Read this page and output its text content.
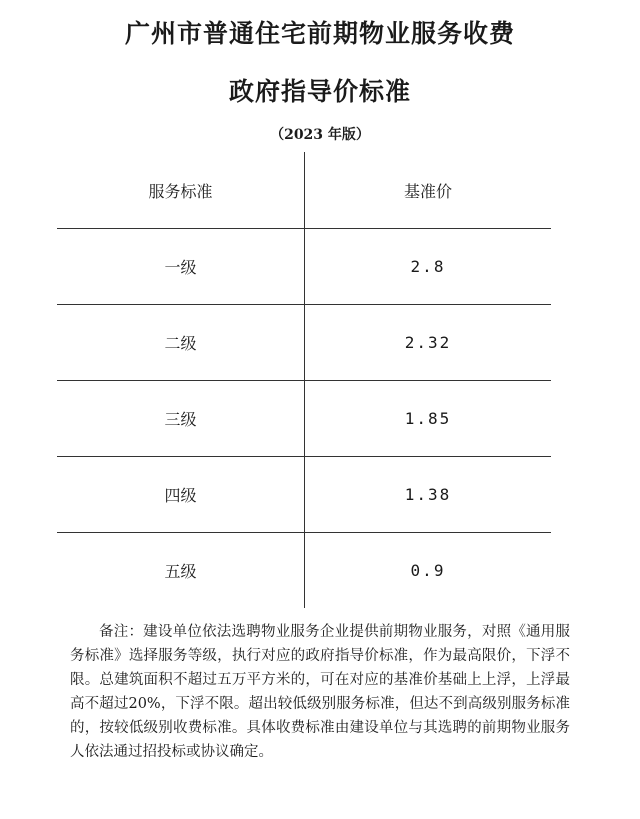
广州市普通住宅前期物业服务收费
政府指导价标准
（2023 年版）
服务标准	基准价
一级	2.8
二级	2.32
三级	1.85
四级	1.38
五级	0.9

备注：建设单位依法选聘物业服务企业提供前期物业服务，对照《通用服务标准》选择服务等级，执行对应的政府指导价标准，作为最高限价，下浮不限。总建筑面积不超过五万平方米的，可在对应的基准价基础上上浮，上浮最高不超过20%，下浮不限。超出较低级别服务标准，但达不到高级别服务标准的，按较低级别收费标准。具体收费标准由建设单位与其选聘的前期物业服务人依法通过招投标或协议确定。
